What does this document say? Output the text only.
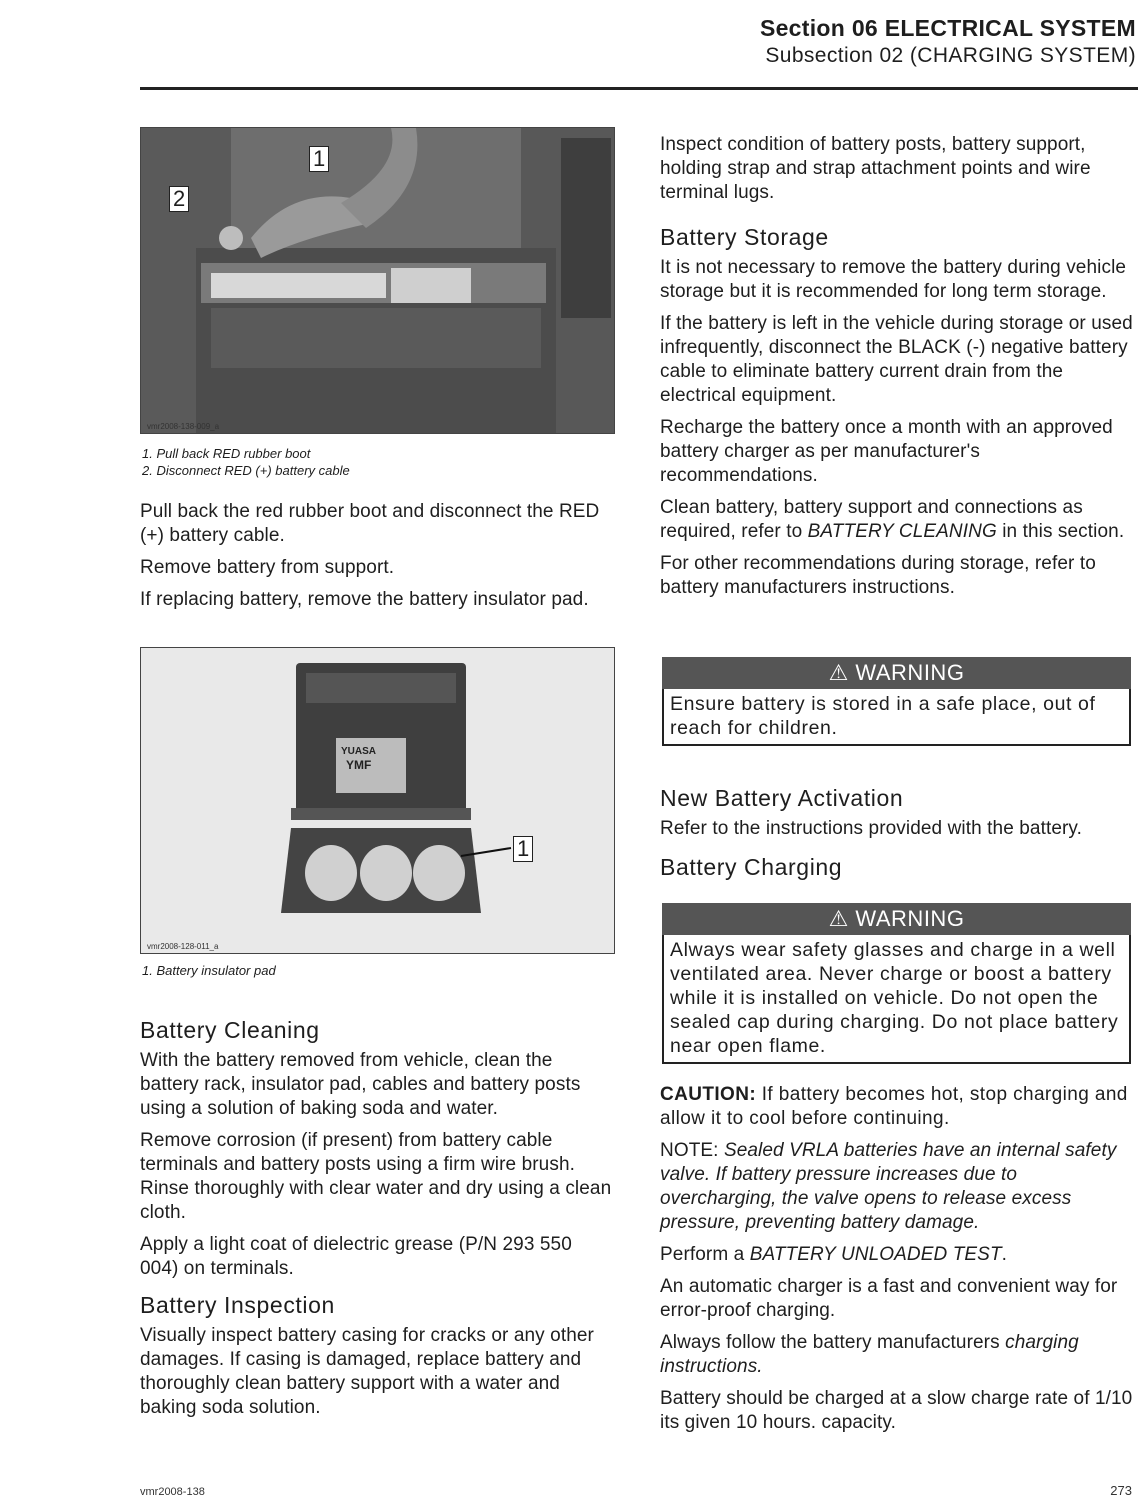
Section 06 ELECTRICAL SYSTEM
Subsection 02 (CHARGING SYSTEM)
1
2
vmr2008-138-009_a
1. Pull back RED rubber boot
2. Disconnect RED (+) battery cable

Pull back the red rubber boot and disconnect the RED (+) battery cable.

Remove battery from support.

If replacing battery, remove the battery insulator pad.

YUASA
YMF
1
vmr2008-128-011_a
1. Battery insulator pad
Battery Cleaning

With the battery removed from vehicle, clean the battery rack, insulator pad, cables and battery posts using a solution of baking soda and water.

Remove corrosion (if present) from battery cable terminals and battery posts using a firm wire brush. Rinse thoroughly with clear water and dry using a clean cloth.

Apply a light coat of dielectric grease (P/N 293 550 004) on terminals.

Battery Inspection

Visually inspect battery casing for cracks or any other damages. If casing is damaged, replace battery and thoroughly clean battery support with a water and baking soda solution.

Inspect condition of battery posts, battery support, holding strap and strap attachment points and wire terminal lugs.

Battery Storage

It is not necessary to remove the battery during vehicle storage but it is recommended for long term storage.

If the battery is left in the vehicle during storage or used infrequently, disconnect the BLACK (-) negative battery cable to eliminate battery current drain from the electrical equipment.

Recharge the battery once a month with an approved battery charger as per manufacturer's recommendations.

Clean battery, battery support and connections as required, refer to BATTERY CLEANING in this section.

For other recommendations during storage, refer to battery manufacturers instructions.

⚠ WARNING
Ensure battery is stored in a safe place, out of reach for children.
New Battery Activation

Refer to the instructions provided with the battery.

Battery Charging
⚠ WARNING
Always wear safety glasses and charge in a well ventilated area. Never charge or boost a battery while it is installed on vehicle. Do not open the sealed cap during charging. Do not place battery near open flame.

CAUTION: If battery becomes hot, stop charging and allow it to cool before continuing.

NOTE: Sealed VRLA batteries have an internal safety valve. If battery pressure increases due to overcharging, the valve opens to release excess pressure, preventing battery damage.

Perform a BATTERY UNLOADED TEST.

An automatic charger is a fast and convenient way for error-proof charging.

Always follow the battery manufacturers charging instructions.

Battery should be charged at a slow charge rate of 1/10 its given 10 hours. capacity.

vmr2008-138	273
